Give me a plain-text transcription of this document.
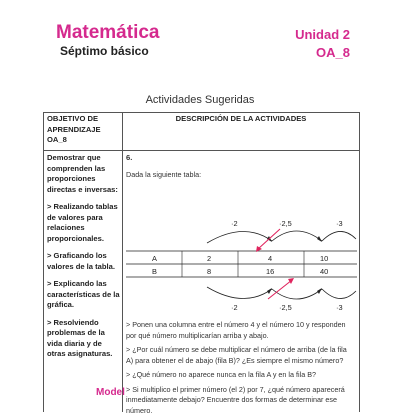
Matemática
Séptimo básico
Unidad 2
OA_8
Actividades Sugeridas
OBJETIVO DE APRENDIZAJE OA_8
DESCRIPCIÓN DE LA ACTIVIDADES

Demostrar que comprenden las proporciones directas e inversas:

> Realizando tablas de valores para relaciones proporcionales.

> Graficando los valores de la tabla.

> Explicando las características de la gráfica.

> Resolviendo problemas de la vida diaria y de otras asignaturas.

6.
Dada la siguiente tabla:
·2	·2,5	·3
·2	·2,5	·3
A	2	4	10
B	8	16	40

> Ponen una columna entre el número 4 y el número 10 y responden por qué número multiplicarían arriba y abajo.

> ¿Por cuál número se debe multiplicar el número de arriba (de la fila A) para obtener el de abajo (fila B)? ¿Es siempre el mismo número?

> ¿Qué número no aparece nunca en la fila A y en la fila B?

> Si multiplico el primer número (el 2) por 7, ¿qué número aparecerá inmediatamente debajo? Encuentre dos formas de determinar ese número.

Model
